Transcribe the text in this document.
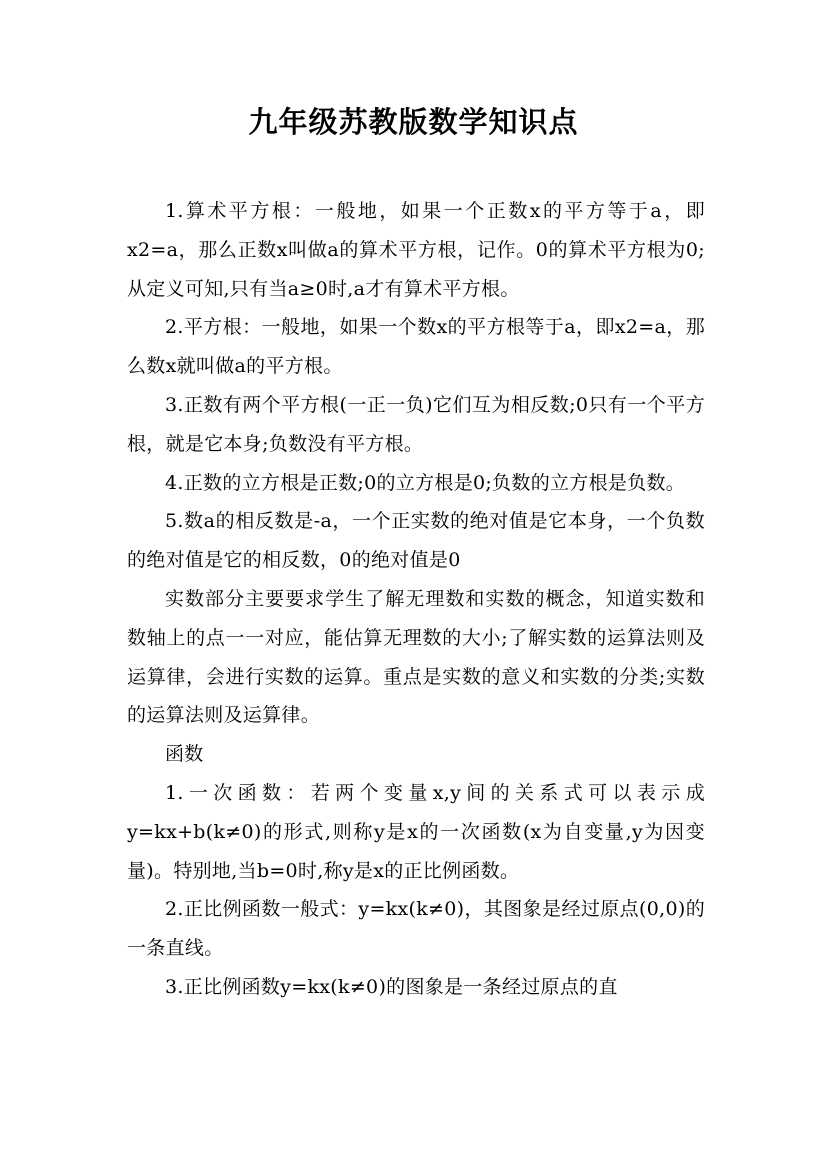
九年级苏教版数学知识点

1.算术平方根：一般地，如果一个正数x的平方等于a，即x2=a，那么正数x叫做a的算术平方根，记作。0的算术平方根为0;从定义可知,只有当a≥0时,a才有算术平方根。

2.平方根：一般地，如果一个数x的平方根等于a，即x2=a，那么数x就叫做a的平方根。

3.正数有两个平方根(一正一负)它们互为相反数;0只有一个平方根，就是它本身;负数没有平方根。

4.正数的立方根是正数;0的立方根是0;负数的立方根是负数。

5.数a的相反数是-a，一个正实数的绝对值是它本身，一个负数的绝对值是它的相反数，0的绝对值是0

实数部分主要要求学生了解无理数和实数的概念，知道实数和数轴上的点一一对应，能估算无理数的大小;了解实数的运算法则及运算律，会进行实数的运算。重点是实数的意义和实数的分类;实数的运算法则及运算律。

函数

1.一次函数：若两个变量x,y间的关系式可以表示成y=kx+b(k≠0)的形式,则称y是x的一次函数(x为自变量,y为因变量)。特别地,当b=0时,称y是x的正比例函数。

2.正比例函数一般式：y=kx(k≠0)，其图象是经过原点(0,0)的一条直线。

3.正比例函数y=kx(k≠0)的图象是一条经过原点的直
